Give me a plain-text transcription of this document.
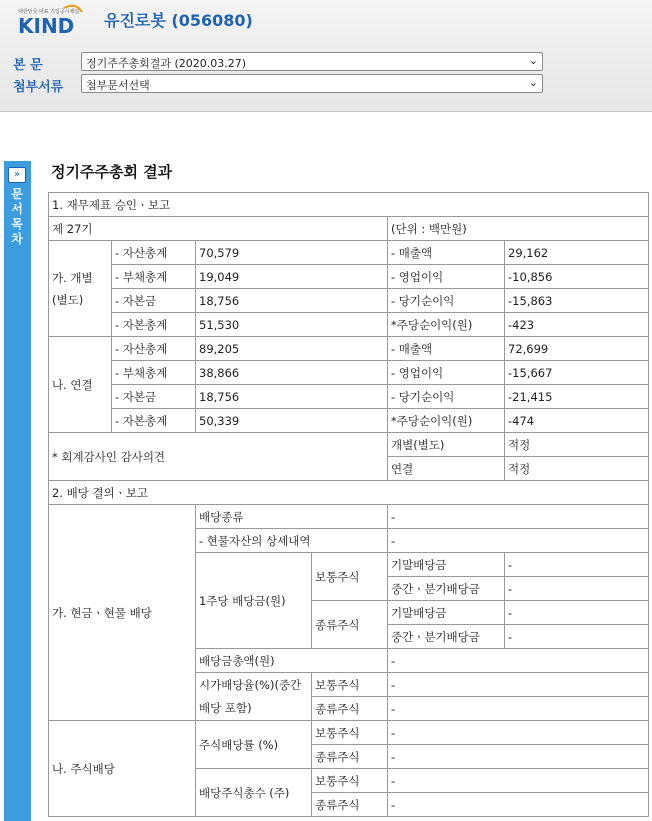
대한민국 대표 기업공시채널
KIND 유진로봇 (056080)
본 문	정기주주총회결과 (2020.03.27)	⌄
첨부서류	첨부문서선택	⌄
»
문서목차
정기주주총회 결과
1. 재무제표 승인ㆍ보고					
제 27기				(단위 : 백만원)	
가. 개별(별도)	- 자산총계	70,579		- 매출액	29,162
	- 부채총계	19,049		- 영업이익	-10,856
	- 자본금	18,756		- 당기순이익	-15,863
	- 자본총계	51,530		*주당순이익(원)	-423
나. 연결	- 자산총계	89,205		- 매출액	72,699
	- 부채총계	38,866		- 영업이익	-15,667
	- 자본금	18,756		- 당기순이익	-21,415
	- 자본총계	50,339		*주당순이익(원)	-474
* 회계감사인 감사의견				개별(별도)	적정
				연결	적정
2. 배당 결의ㆍ보고					
가. 현금ㆍ현물 배당		배당종류		-	
		- 현물자산의 상세내역		-	
		1주당 배당금(원)	보통주식	기말배당금	-
				중간ㆍ분기배당금	-
			종류주식	기말배당금	-
				중간ㆍ분기배당금	-
		배당금총액(원)		-	
		시가배당율(%)(중간배당 포함)	보통주식	-	
			종류주식	-	
나. 주식배당		주식배당률 (%)	보통주식	-	
			종류주식	-	
		배당주식총수 (주)	보통주식	-	
			종류주식	-	
